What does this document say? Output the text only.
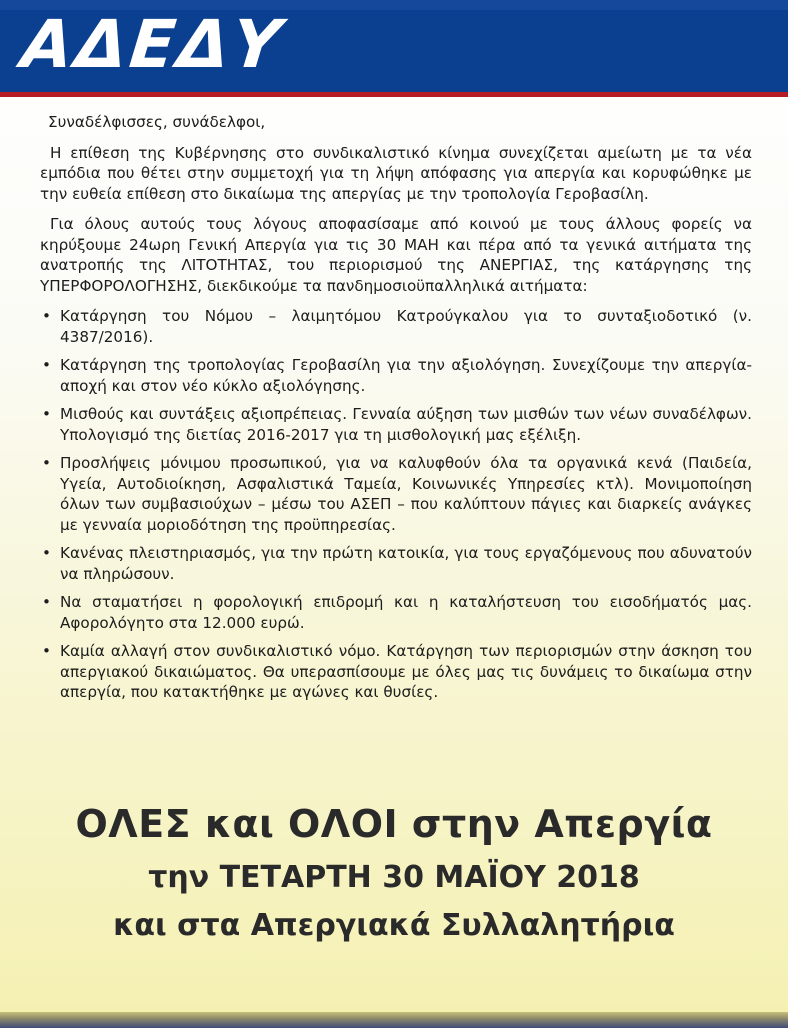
ΑΔΕΔΥ

Συναδέλφισσες, συνάδελφοι,

Η επίθεση της Κυβέρνησης στο συνδικαλιστικό κίνημα συνεχίζεται αμείωτη με τα νέα εμπόδια που θέτει στην συμμετοχή για τη λήψη απόφασης για απεργία και κορυφώθηκε με την ευθεία επίθεση στο δικαίωμα της απεργίας με την τροπολογία Γεροβασίλη.

Για όλους αυτούς τους λόγους αποφασίσαμε από κοινού με τους άλλους φορείς να κηρύξουμε 24ωρη Γενική Απεργία για τις 30 ΜΑΗ και πέρα από τα γενικά αιτήματα της ανατροπής της ΛΙΤΟΤΗΤΑΣ, του περιορισμού της ΑΝΕΡΓΙΑΣ, της κατάργησης της ΥΠΕΡΦΟΡΟΛΟΓΗΣΗΣ, διεκδικούμε τα πανδημοσιοϋπαλληλικά αιτήματα:

• Κατάργηση του Νόμου – λαιμητόμου Κατρούγκαλου για το συνταξιοδοτικό (ν. 4387/2016).
• Κατάργηση της τροπολογίας Γεροβασίλη για την αξιολόγηση. Συνεχίζουμε την απεργία-αποχή και στον νέο κύκλο αξιολόγησης.
• Μισθούς και συντάξεις αξιοπρέπειας. Γενναία αύξηση των μισθών των νέων συναδέλφων. Υπολογισμό της διετίας 2016-2017 για τη μισθολογική μας εξέλιξη.
• Προσλήψεις μόνιμου προσωπικού, για να καλυφθούν όλα τα οργανικά κενά (Παιδεία, Υγεία, Αυτοδιοίκηση, Ασφαλιστικά Ταμεία, Κοινωνικές Υπηρεσίες κτλ). Μονιμοποίηση όλων των συμβασιούχων – μέσω του ΑΣΕΠ – που καλύπτουν πάγιες και διαρκείς ανάγκες με γενναία μοριοδότηση της προϋπηρεσίας.
• Κανένας πλειστηριασμός, για την πρώτη κατοικία, για τους εργαζόμενους που αδυνατούν να πληρώσουν.
• Να σταματήσει η φορολογική επιδρομή και η καταλήστευση του εισοδήματός μας. Αφορολόγητο στα 12.000 ευρώ.
• Καμία αλλαγή στον συνδικαλιστικό νόμο. Κατάργηση των περιορισμών στην άσκηση του απεργιακού δικαιώματος. Θα υπερασπίσουμε με όλες μας τις δυνάμεις το δικαίωμα στην απεργία, που κατακτήθηκε με αγώνες και θυσίες.
ΟΛΕΣ και ΟΛΟΙ στην Απεργία
την ΤΕΤΑΡΤΗ 30 ΜΑΪΟΥ 2018
και στα Απεργιακά Συλλαλητήρια
